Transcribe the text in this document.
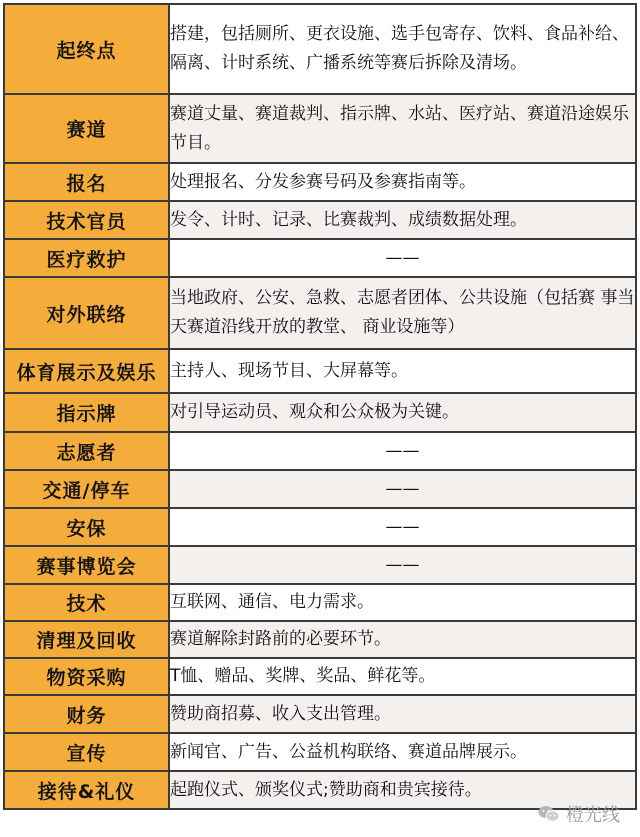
起终点	搭建，包括厕所、更衣设施、选手包寄存、饮料、食品补给、隔离、计时系统、广播系统等赛后拆除及清场。
赛道	赛道丈量、赛道裁判、指示牌、水站、医疗站、赛道沿途娱乐节目。
报名	处理报名、分发参赛号码及参赛指南等。
技术官员	发令、计时、记录、比赛裁判、成绩数据处理。
医疗救护	——
对外联络	当地政府、公安、急救、志愿者团体、公共设施（包括赛 事当天赛道沿线开放的教堂、 商业设施等）
体育展示及娱乐	主持人、现场节目、大屏幕等。
指示牌	对引导运动员、观众和公众极为关键。
志愿者	——
交通/停车	——
安保	——
赛事博览会	——
技术	互联网、通信、电力需求。
清理及回收	赛道解除封路前的必要环节。
物资采购	T恤、赠品、奖牌、奖品、鲜花等。
财务	赞助商招募、收入支出管理。
宣传	新闻官、广告、公益机构联络、赛道品牌展示。
接待&礼仪	起跑仪式、颁奖仪式;赞助商和贵宾接待。
橙光线
